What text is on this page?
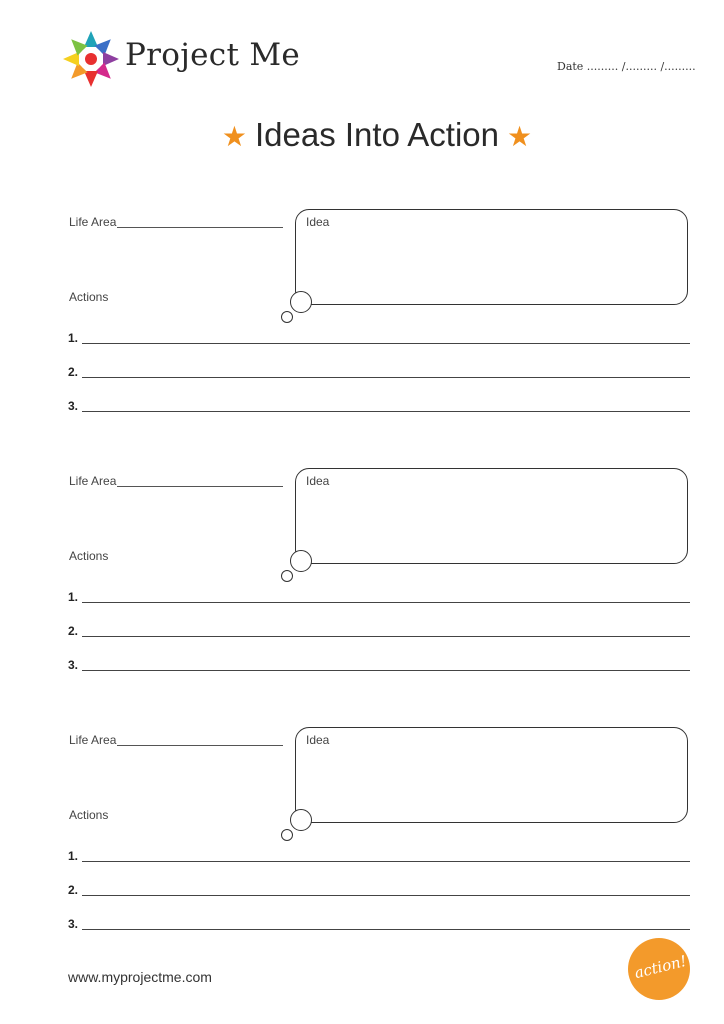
Project Me	Date ......... /......... /.........
★ Ideas Into Action ★
Life Area	Idea
Actions
1.
2.
3.
Life Area	Idea
Actions
1.
2.
3.
Life Area	Idea
Actions
1.
2.
3.
www.myprojectme.com	action!
